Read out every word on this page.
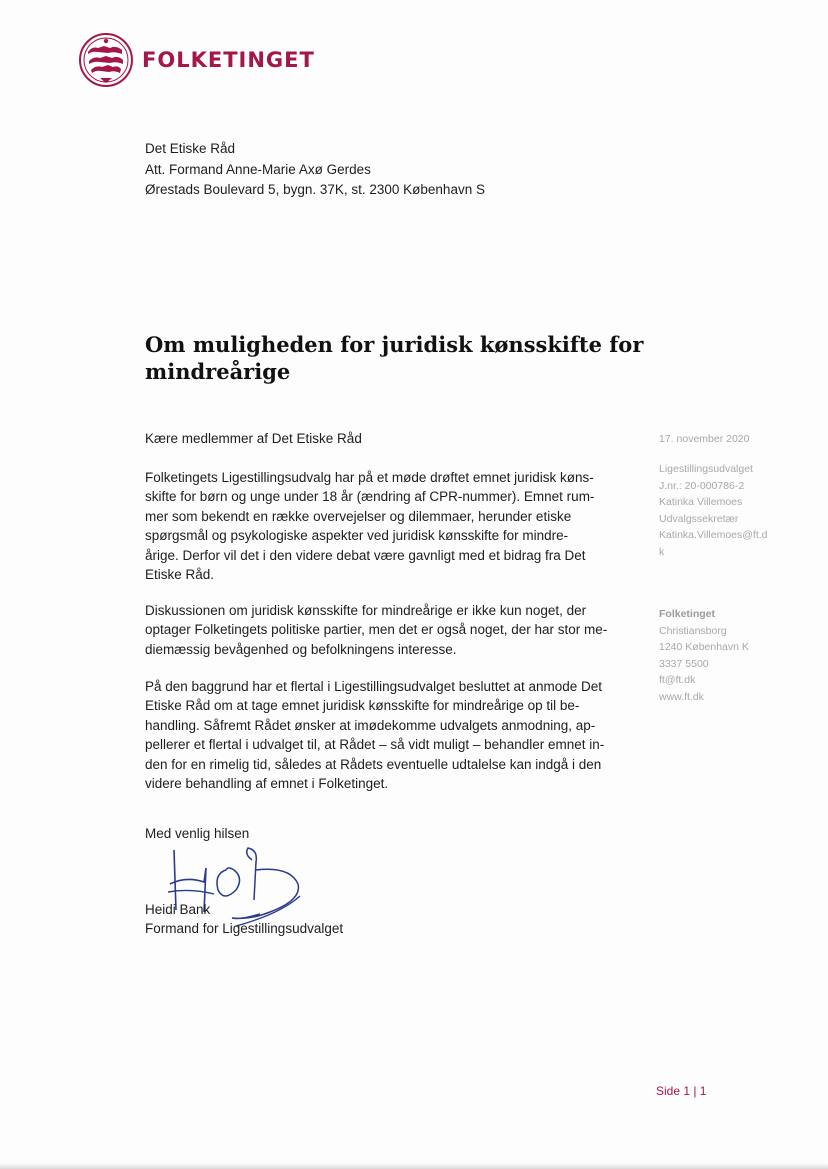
FOLKETINGET
Det Etiske Råd
Att. Formand Anne-Marie Axø Gerdes
Ørestads Boulevard 5, bygn. 37K, st. 2300 København S
Om muligheden for juridisk kønsskifte for
mindreårige
Kære medlemmer af Det Etiske Råd
Folketingets Ligestillingsudvalg har på et møde drøftet emnet juridisk køns-
skifte for børn og unge under 18 år (ændring af CPR-nummer). Emnet rum-
mer som bekendt en række overvejelser og dilemmaer, herunder etiske
spørgsmål og psykologiske aspekter ved juridisk kønsskifte for mindre-
årige. Derfor vil det i den videre debat være gavnligt med et bidrag fra Det
Etiske Råd.
Diskussionen om juridisk kønsskifte for mindreårige er ikke kun noget, der
optager Folketingets politiske partier, men det er også noget, der har stor me-
diemæssig bevågenhed og befolkningens interesse.
På den baggrund har et flertal i Ligestillingsudvalget besluttet at anmode Det
Etiske Råd om at tage emnet juridisk kønsskifte for mindreårige op til be-
handling. Såfremt Rådet ønsker at imødekomme udvalgets anmodning, ap-
pellerer et flertal i udvalget til, at Rådet – så vidt muligt – behandler emnet in-
den for en rimelig tid, således at Rådets eventuelle udtalelse kan indgå i den
videre behandling af emnet i Folketinget.
Med venlig hilsen
Heidi Bank
Formand for Ligestillingsudvalget
17. november 2020
Ligestillingsudvalget
J.nr.: 20-000786-2
Katinka Villemoes
Udvalgssekretær
Katinka.Villemoes@ft.d
k
Folketinget
Christiansborg
1240 København K
3337 5500
ft@ft.dk
www.ft.dk
Side 1 | 1
